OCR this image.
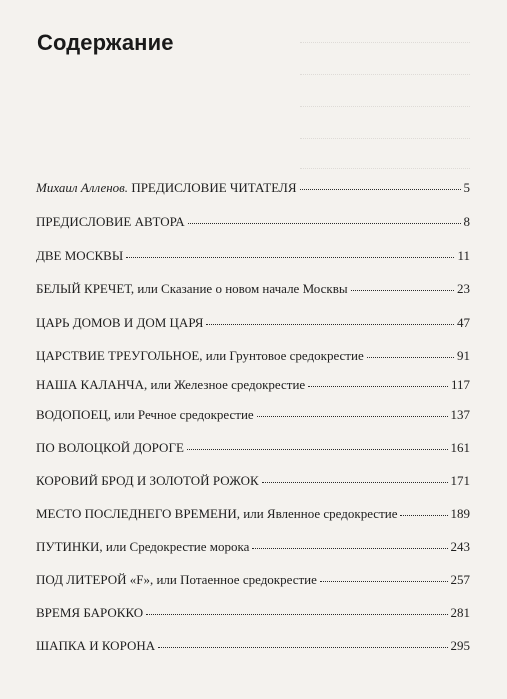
Содержание
Михаил Алленов. ПРЕДИСЛОВИЕ ЧИТАТЕЛЯ	5
ПРЕДИСЛОВИЕ АВТОРА	8
ДВЕ МОСКВЫ	11
БЕЛЫЙ КРЕЧЕТ, или Сказание о новом начале Москвы	23
ЦАРЬ ДОМОВ И ДОМ ЦАРЯ	47
ЦАРСТВИЕ ТРЕУГОЛЬНОЕ, или Грунтовое средокрестие	91
НАША КАЛАНЧА, или Железное средокрестие	117
ВОДОПОЕЦ, или Речное средокрестие	137
ПО ВОЛОЦКОЙ ДОРОГЕ	161
КОРОВИЙ БРОД И ЗОЛОТОЙ РОЖОК	171
МЕСТО ПОСЛЕДНЕГО ВРЕМЕНИ, или Явленное средокрестие	189
ПУТИНКИ, или Средокрестие морока	243
ПОД ЛИТЕРОЙ «F», или Потаенное средокрестие	257
ВРЕМЯ БАРОККО	281
ШАПКА И КОРОНА	295
